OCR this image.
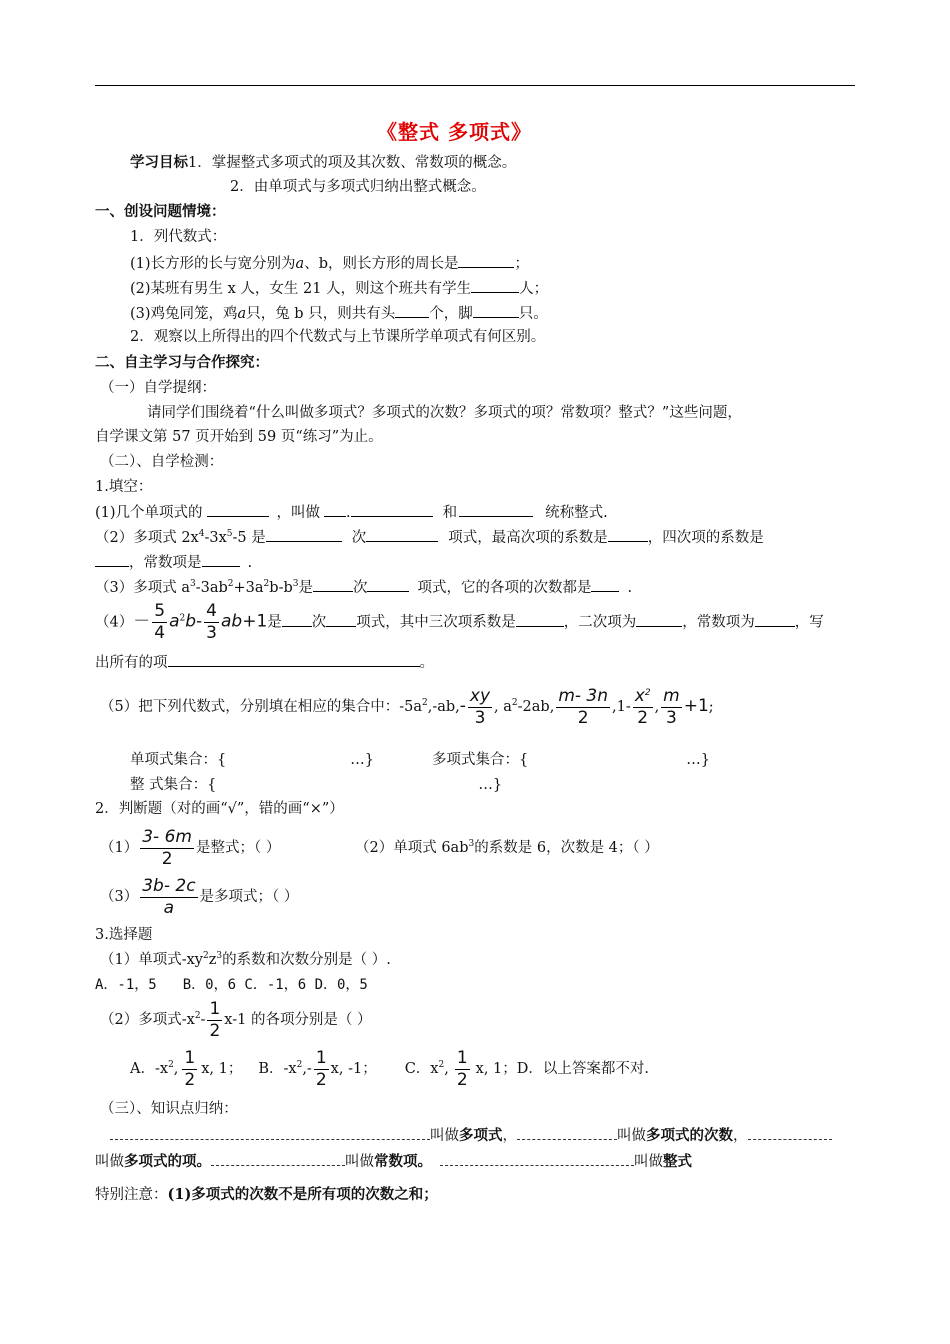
《整式 多项式》
学习目标1．掌握整式多项式的项及其次数、常数项的概念。
2．由单项式与多项式归纳出整式概念。
一、创设问题情境：
1．列代数式：
(1)长方形的长与宽分别为a、b，则长方形的周长是	；
(2)某班有男生 x 人，女生 21 人，则这个班共有学生	人；
(3)鸡兔同笼，鸡a只，兔 b 只，则共有头 个，脚	只。
2．观察以上所得出的四个代数式与上节课所学单项式有何区别。
二、自主学习与合作探究：
（一）自学提纲：
请同学们围绕着“什么叫做多项式？多项式的次数？多项式的项？常数项？整式？”这些问题，
自学课文第 57 页开始到 59 页“练习”为止。
（二）、自学检测：
1.填空：
(1)几个单项式的	，叫做 .	和	统称整式.
（2）多项式 $2x^4-3x^5-5$ 是	次	项式，最高次项的系数是	，四次项的系数是
，常数项是	.
（3）多项式 $a^3-3ab^2+3a^2b-b^3$是	次	项式，它的各项的次数都是 .
$(4)- \frac{5}{4} a^2b- \frac{4}{3} ab+1$是 次 项式，其中三次项系数是	，二次项为	，常数项为	，写
出所有的项	。
（5）把下列代数式，分别填在相应的集合中：$-5a^2,-ab,- \frac{xy}{3}$ , $a^2-2ab$, $\frac{m- 3n}{2} ,1- \frac{x^2}{2}$ , $\frac{m}{3} +1$;
单项式集合：{	…}	多项式集合：{	…}
整 式集合：{	…}
2．判断题（对的画“√”，错的画“×”）
$(1) \frac{3- 6m}{2}$ 是整式；（ ）	（2）单项式 $6ab^3$的系数是 6，次数是 4；（ ）
$(3) \frac{3b- 2c}{a}$ 是多项式；（ ）
3.选择题
（1）单项式$-xy^2z^3$的系数和次数分别是（ ）.
A．-1，5 B．0，6 C．-1，6 D．0，5
（2）多项式$-x^2- \frac{1}{2} x-1$ 的各项分别是（ ）
A．$-x^2$, $\frac{1}{2} x$, 1； B．$-x^2,- \frac{1}{2} x$, -1； C．$x^2$, $\frac{1}{2} x$, 1；D．以上答案都不对.
（三）、知识点归纳：
叫做多项式，	叫做多项式的次数，
叫做多项式的项。	叫做常数项。	叫做整式
特别注意：(1)多项式的次数不是所有项的次数之和；
